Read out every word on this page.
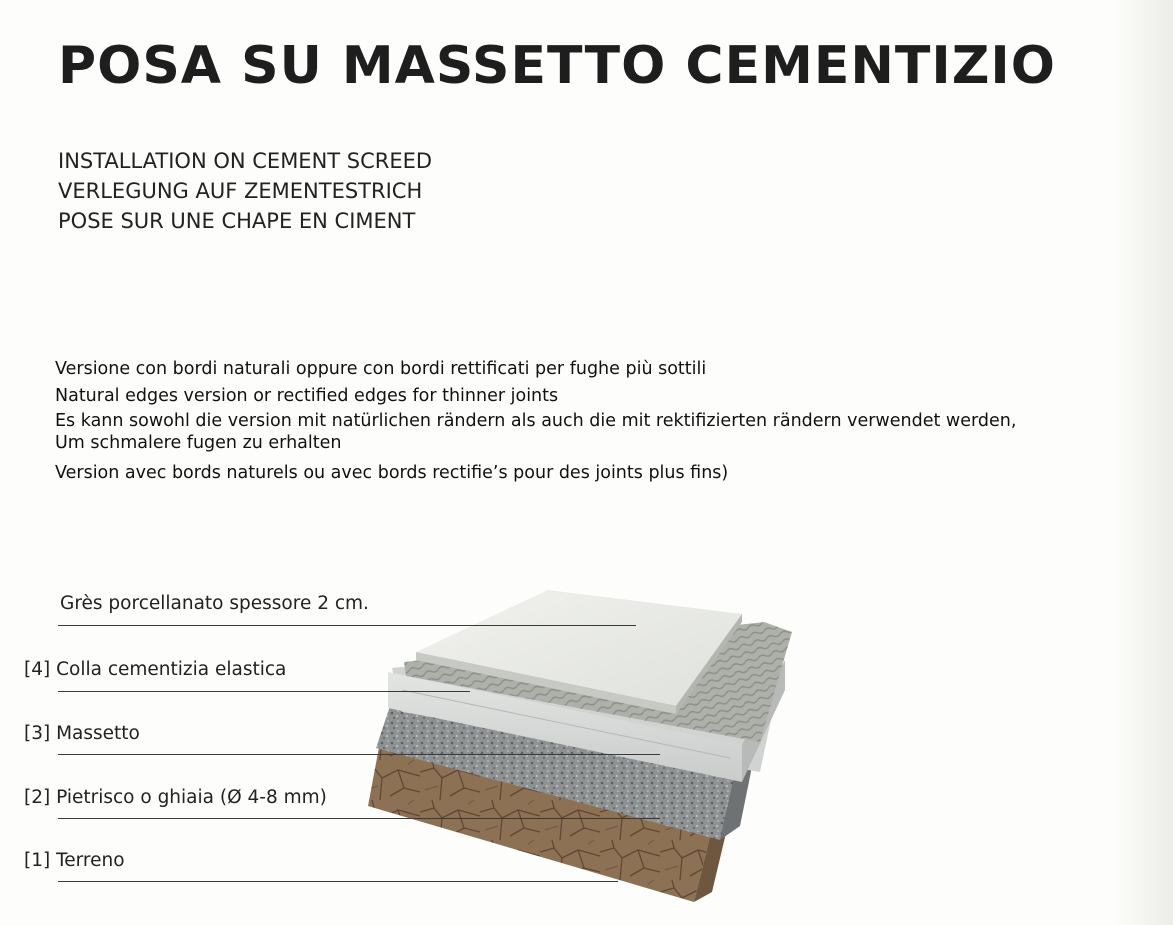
POSA SU MASSETTO CEMENTIZIO
INSTALLATION ON CEMENT SCREED
VERLEGUNG AUF ZEMENTESTRICH
POSE SUR UNE CHAPE EN CIMENT
Versione con bordi naturali oppure con bordi rettificati per fughe più sottili
Natural edges version or rectified edges for thinner joints
Es kann sowohl die version mit natürlichen rändern als auch die mit rektifizierten rändern verwendet werden,
Um schmalere fugen zu erhalten
Version avec bords naturels ou avec bords rectifie’s pour des joints plus fins)
Grès porcellanato spessore 2 cm.
[4] Colla cementizia elastica
[3] Massetto
[2] Pietrisco o ghiaia (Ø 4-8 mm)
[1] Terreno
